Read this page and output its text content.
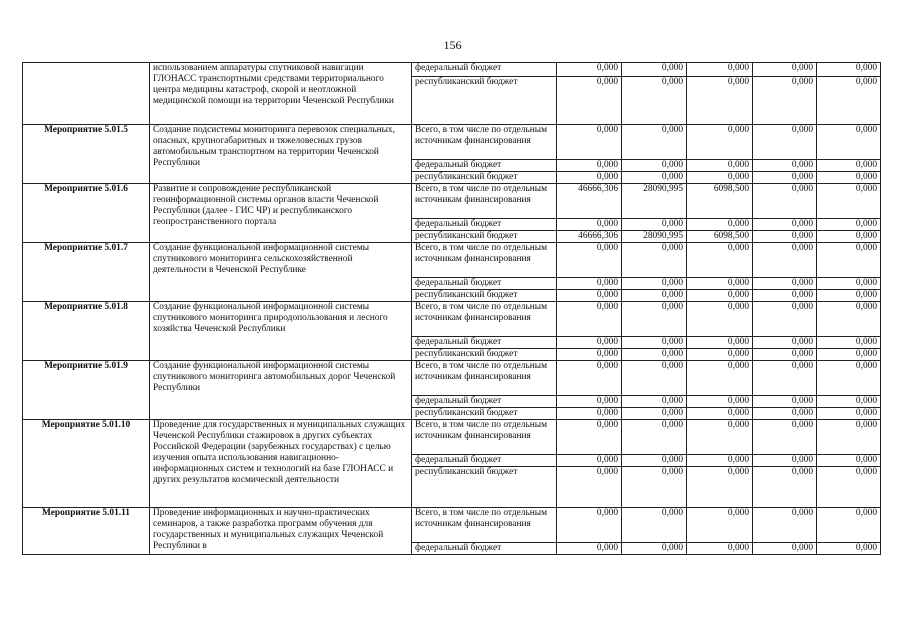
156
	использованием аппаратуры спутниковой навигации ГЛОНАСС транспортными средствами территориального центра медицины катастроф, скорой и неотложной медицинской помощи на территории Чеченской Республики	федеральный бюджет	0,000	0,000	0,000	0,000	0,000
		республиканский бюджет	0,000	0,000	0,000	0,000	0,000
Мероприятие 5.01.5	Создание подсистемы мониторинга перевозок специальных, опасных, крупногабаритных и тяжеловесных грузов автомобильным транспортном на территории Чеченской Республики	Всего, в том числе по отдельным источникам финансирования	0,000	0,000	0,000	0,000	0,000
		федеральный бюджет	0,000	0,000	0,000	0,000	0,000
		республиканский бюджет	0,000	0,000	0,000	0,000	0,000
Мероприятие 5.01.6	Развитие и сопровождение республиканской геоинформационной системы органов власти Чеченской Республики (далее - ГИС ЧР) и республиканского геопространственного портала	Всего, в том числе по отдельным источникам финансирования	46666,306	28090,995	6098,500	0,000	0,000
		федеральный бюджет	0,000	0,000	0,000	0,000	0,000
		республиканский бюджет	46666,306	28090,995	6098,500	0,000	0,000
Мероприятие 5.01.7	Создание функциональной информационной системы спутникового мониторинга сельскохозяйственной деятельности в Чеченской Республике	Всего, в том числе по отдельным источникам финансирования	0,000	0,000	0,000	0,000	0,000
		федеральный бюджет	0,000	0,000	0,000	0,000	0,000
		республиканский бюджет	0,000	0,000	0,000	0,000	0,000
Мероприятие 5.01.8	Создание функциональной информационной системы спутникового мониторинга природопользования и лесного хозяйства Чеченской Республики	Всего, в том числе по отдельным источникам финансирования	0,000	0,000	0,000	0,000	0,000
		федеральный бюджет	0,000	0,000	0,000	0,000	0,000
		республиканский бюджет	0,000	0,000	0,000	0,000	0,000
Мероприятие 5.01.9	Создание функциональной информационной системы спутникового мониторинга автомобильных дорог Чеченской Республики	Всего, в том числе по отдельным источникам финансирования	0,000	0,000	0,000	0,000	0,000
		федеральный бюджет	0,000	0,000	0,000	0,000	0,000
		республиканский бюджет	0,000	0,000	0,000	0,000	0,000
Мероприятие 5.01.10	Проведение для государственных и муниципальных служащих Чеченской Республики стажировок в других субъектах Российской Федерации (зарубежных государствах) с целью изучения опыта использования навигационно-информационных систем и технологий на базе ГЛОНАСС и других результатов космической деятельности	Всего, в том числе по отдельным источникам финансирования	0,000	0,000	0,000	0,000	0,000
		федеральный бюджет	0,000	0,000	0,000	0,000	0,000
		республиканский бюджет	0,000	0,000	0,000	0,000	0,000
Мероприятие 5.01.11	Проведение информационных и научно-практических семинаров, а также разработка программ обучения для государственных и муниципальных служащих Чеченской Республики в	Всего, в том числе по отдельным источникам финансирования	0,000	0,000	0,000	0,000	0,000
		федеральный бюджет	0,000	0,000	0,000	0,000	0,000
